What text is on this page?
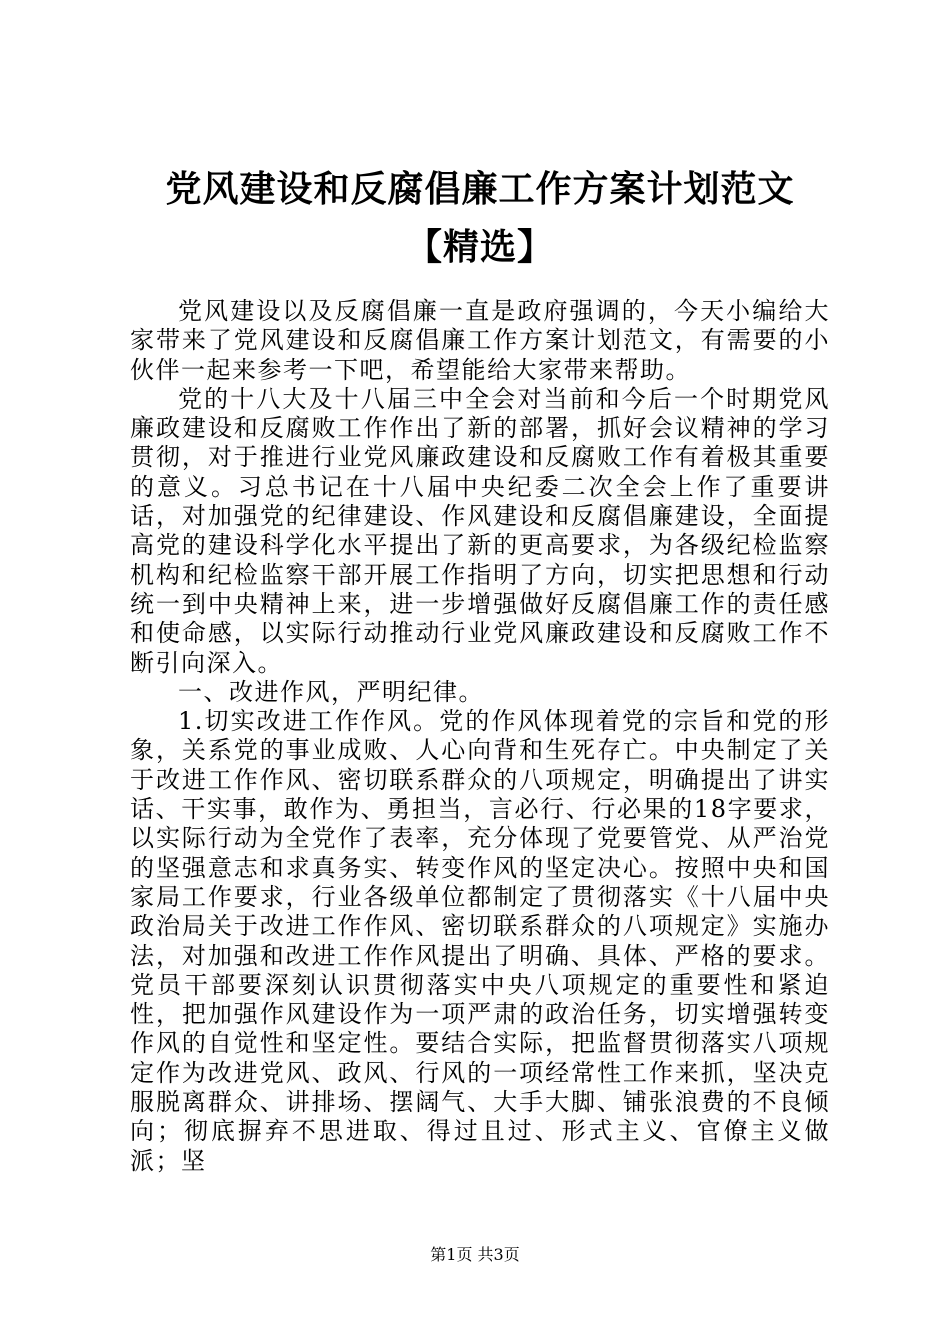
党风建设和反腐倡廉工作方案计划范文【精选】

党风建设以及反腐倡廉一直是政府强调的，今天小编给大家带来了党风建设和反腐倡廉工作方案计划范文，有需要的小伙伴一起来参考一下吧，希望能给大家带来帮助。

党的十八大及十八届三中全会对当前和今后一个时期党风廉政建设和反腐败工作作出了新的部署，抓好会议精神的学习贯彻，对于推进行业党风廉政建设和反腐败工作有着极其重要的意义。习总书记在十八届中央纪委二次全会上作了重要讲话，对加强党的纪律建设、作风建设和反腐倡廉建设，全面提高党的建设科学化水平提出了新的更高要求，为各级纪检监察机构和纪检监察干部开展工作指明了方向，切实把思想和行动统一到中央精神上来，进一步增强做好反腐倡廉工作的责任感和使命感，以实际行动推动行业党风廉政建设和反腐败工作不断引向深入。

一、改进作风，严明纪律。

1.切实改进工作作风。党的作风体现着党的宗旨和党的形象，关系党的事业成败、人心向背和生死存亡。中央制定了关于改进工作作风、密切联系群众的八项规定，明确提出了讲实话、干实事，敢作为、勇担当，言必行、行必果的18字要求，以实际行动为全党作了表率，充分体现了党要管党、从严治党的坚强意志和求真务实、转变作风的坚定决心。按照中央和国家局工作要求，行业各级单位都制定了贯彻落实《十八届中央政治局关于改进工作作风、密切联系群众的八项规定》实施办法，对加强和改进工作作风提出了明确、具体、严格的要求。党员干部要深刻认识贯彻落实中央八项规定的重要性和紧迫性，把加强作风建设作为一项严肃的政治任务，切实增强转变作风的自觉性和坚定性。要结合实际，把监督贯彻落实八项规定作为改进党风、政风、行风的一项经常性工作来抓，坚决克服脱离群众、讲排场、摆阔气、大手大脚、铺张浪费的不良倾向；彻底摒弃不思进取、得过且过、形式主义、官僚主义做派；坚

第1页 共3页
